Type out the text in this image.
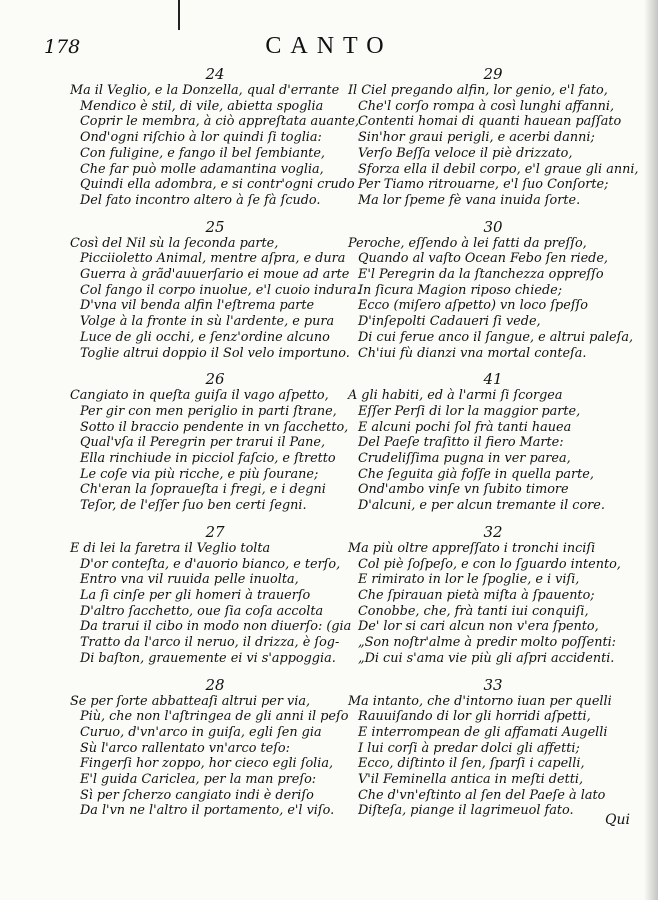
178	CANTO
24
Ma il Veglio, e la Donzella, qual d'errante
Mendico è stil, di vile, abietta spoglia
Coprir le membra, à ciò appreſtata auante,
Ond'ogni riſchio à lor quindi ſi toglia:
Con fuligine, e fango il bel ſembiante,
Che far può molle adamantina voglia,
Quindi ella adombra, e si contr'ogni crudo
Del fato incontro altero à ſe fà ſcudo.
25
Così del Nil sù la ſeconda parte,
Picciioletto Animal, mentre aſpra, e dura
Guerra à grãd'auuerſario ei moue ad arte
Col fango il corpo inuolue, e'l cuoio indura.
D'vna vil benda alfin l'eſtrema parte
Volge à la fronte in sù l'ardente, e pura
Luce de gli occhi, e ſenz'ordine alcuno
Toglie altrui doppio il Sol velo importuno.
26
Cangiato in queſta guiſa il vago aſpetto,
Per gir con men periglio in parti ſtrane,
Sotto il braccio pendente in vn ſacchetto,
Qual'vſa il Peregrin per trarui il Pane,
Ella rinchiude in picciol faſcio, e ſtretto
Le coſe via più ricche, e più ſourane;
Ch'eran la ſopraueſta i fregi, e i degni
Teſor, de l'eſſer ſuo ben certi ſegni.
27
E di lei la faretra il Veglio tolta
D'or conteſta, e d'auorio bianco, e terſo,
Entro vna vil ruuida pelle inuolta,
La ſi cinſe per gli homeri à trauerſo
D'altro ſacchetto, oue ſia coſa accolta
Da trarui il cibo in modo non diuerſo: (gia
Tratto da l'arco il neruo, il drizza, è ſog-
Di baſton, grauemente ei vi s'appoggia.
28
Se per ſorte abbatteaſi altrui per via,
Più, che non l'aſtringea de gli anni il peſo
Curuo, d'vn'arco in guiſa, egli ſen gia
Sù l'arco rallentato vn'arco teſo:
Fingerſi hor zoppo, hor cieco egli ſolia,
E'l guida Cariclea, per la man preſo:
Sì per ſcherzo cangiato indi è deriſo
Da l'vn ne l'altro il portamento, e'l viſo.
29
Il Ciel pregando alfin, lor genio, e'l fato,
Che'l corſo rompa à così lunghi affanni,
Contenti homai di quanti hauean paſſato
Sin'hor graui perigli, e acerbi danni;
Verſo Beſſa veloce il piè drizzato,
Sforza ella il debil corpo, e'l graue gli anni,
Per Tiamo ritrouarne, e'l ſuo Conſorte;
Ma lor ſpeme fè vana inuida ſorte.
30
Peroche, eſſendo à lei fatti da preſſo,
Quando al vaſto Ocean Febo ſen riede,
E'l Peregrin da la ſtanchezza oppreſſo
In ſicura Magion riposo chiede;
Ecco (miſero aſpetto) vn loco ſpeſſo
D'inſepolti Cadaueri ſi vede,
Di cui ferue anco il ſangue, e altrui paleſa,
Ch'iui fù dianzi vna mortal conteſa.
41
A gli habiti, ed à l'armi ſi ſcorgea
Eſſer Perſi di lor la maggior parte,
E alcuni pochi ſol frà tanti hauea
Del Paeſe traſitto il fiero Marte:
Crudeliſſima pugna in ver parea,
Che ſeguita già foſſe in quella parte,
Ond'ambo vinſe vn ſubito timore
D'alcuni, e per alcun tremante il core.
32
Ma più oltre appreſſato i tronchi inciſi
Col piè ſoſpeſo, e con lo ſguardo intento,
E rimirato in lor le ſpoglie, e i viſi,
Che ſpirauan pietà miſta à ſpauento;
Conobbe, che, frà tanti iui conquiſi,
De' lor si cari alcun non v'era ſpento,
„Son noſtr'alme à predir molto poſſenti:
„Di cui s'ama vie più gli aſpri accidenti.
33
Ma intanto, che d'intorno iuan per quelli
Rauuiſando di lor gli horridi aſpetti,
E interrompean de gli affamati Augelli
I lui corſi à predar dolci gli affetti;
Ecco, diſtinto il ſen, ſparſi i capelli,
V'il Feminella antica in meſti detti,
Che d'vn'eſtinto al ſen del Paeſe à lato
Diſteſa, piange il lagrimeuol fato.
Qui
